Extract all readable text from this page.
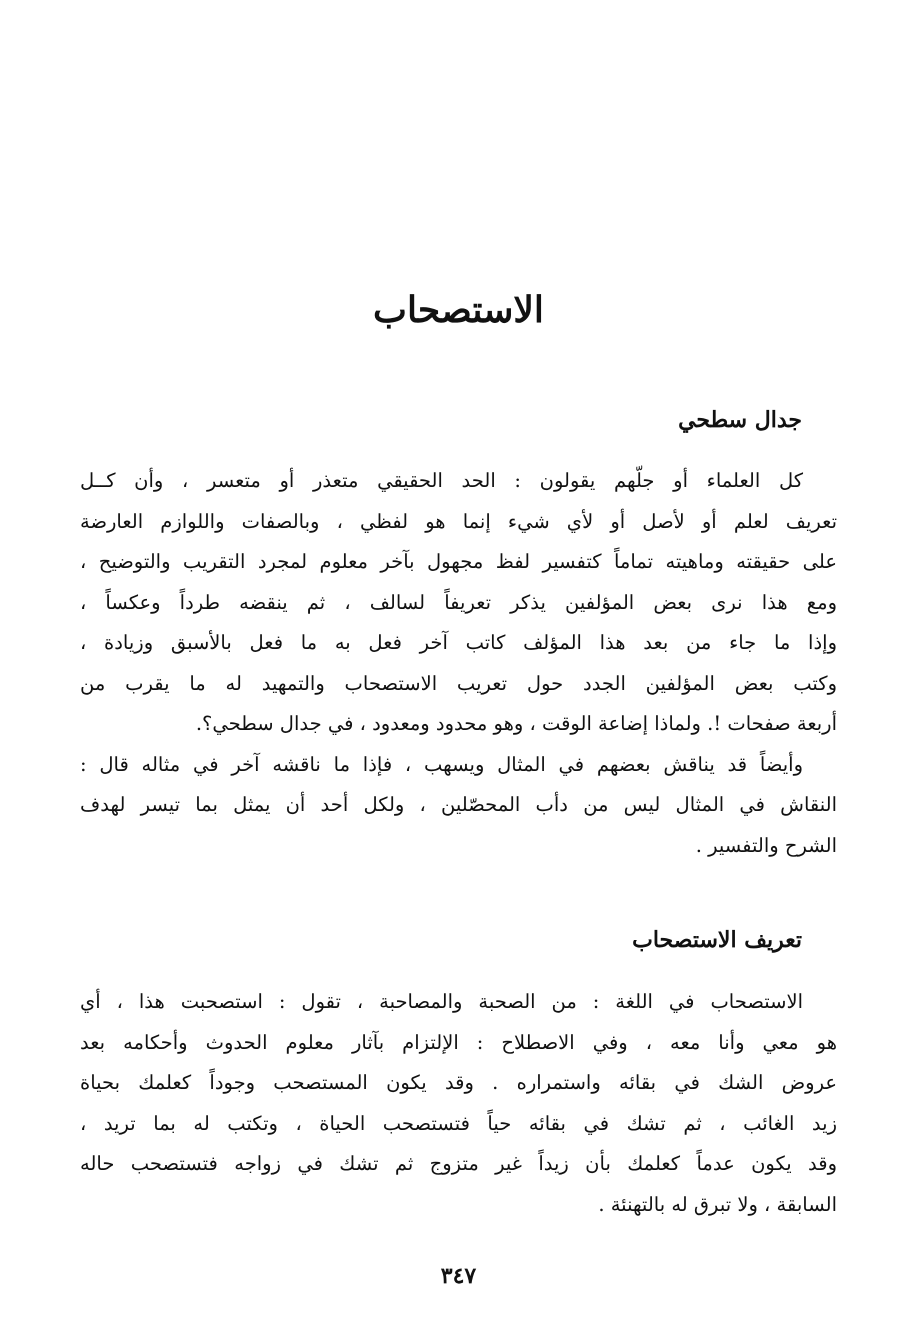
الاستصحاب
جدال سطحي
كل العلماء أو جلّهم يقولون : الحد الحقيقي متعذر أو متعسر ، وأن كــل
تعريف لعلم أو لأصل أو لأي شيء إنما هو لفظي ، وبالصفات واللوازم العارضة
على حقيقته وماهيته تماماً كتفسير لفظ مجهول بآخر معلوم لمجرد التقريب والتوضيح ،
ومع هذا نرى بعض المؤلفين يذكر تعريفاً لسالف ، ثم ينقضه طرداً وعكساً ،
وإذا ما جاء من بعد هذا المؤلف كاتب آخر فعل به ما فعل بالأسبق وزيادة ،
وكتب بعض المؤلفين الجدد حول تعريب الاستصحاب والتمهيد له ما يقرب من
أربعة صفحات !. ولماذا إضاعة الوقت ، وهو محدود ومعدود ، في جدال سطحي؟.
وأيضاً قد يناقش بعضهم في المثال ويسهب ، فإذا ما ناقشه آخر في مثاله قال :
النقاش في المثال ليس من دأب المحصّلين ، ولكل أحد أن يمثل بما تيسر لهدف
الشرح والتفسير .
تعريف الاستصحاب
الاستصحاب في اللغة : من الصحبة والمصاحبة ، تقول : استصحبت هذا ، أي
هو معي وأنا معه ، وفي الاصطلاح : الإلتزام بآثار معلوم الحدوث وأحكامه بعد
عروض الشك في بقائه واستمراره . وقد يكون المستصحب وجوداً كعلمك بحياة
زيد الغائب ، ثم تشك في بقائه حياً فتستصحب الحياة ، وتكتب له بما تريد ،
وقد يكون عدماً كعلمك بأن زيداً غير متزوج ثم تشك في زواجه فتستصحب حاله
السابقة ، ولا تبرق له بالتهنئة .
٣٤٧
